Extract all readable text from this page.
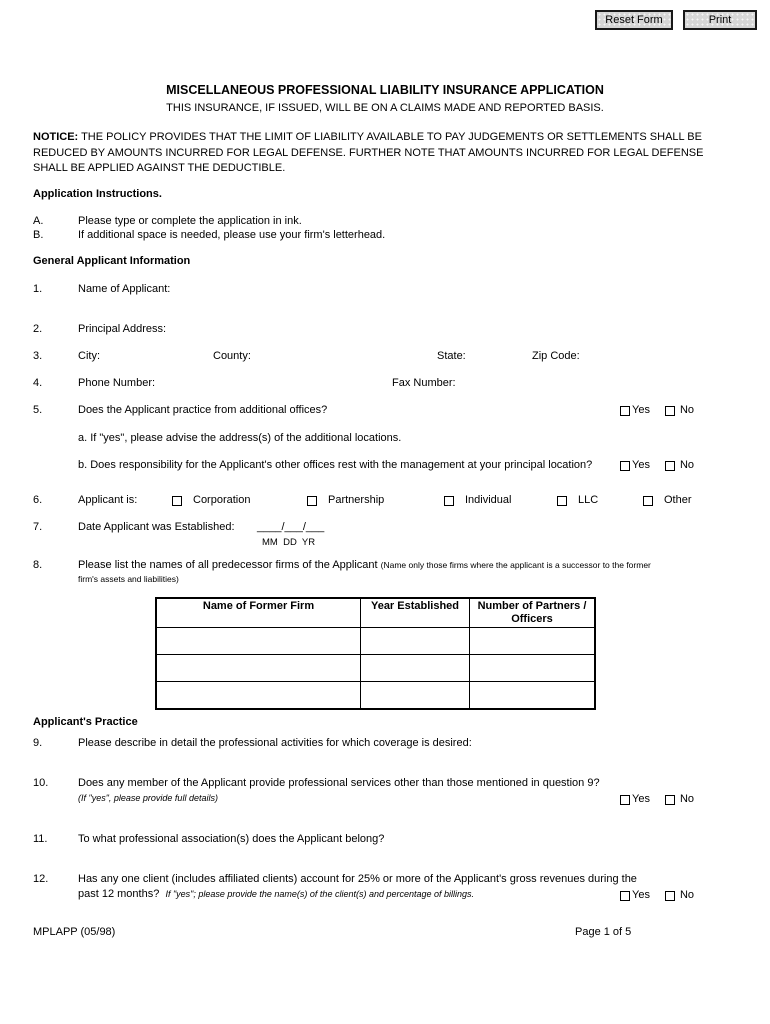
Reset Form	Print
MISCELLANEOUS PROFESSIONAL LIABILITY INSURANCE APPLICATION
THIS INSURANCE, IF ISSUED, WILL BE ON A CLAIMS MADE AND REPORTED BASIS.
NOTICE: THE POLICY PROVIDES THAT THE LIMIT OF LIABILITY AVAILABLE TO PAY JUDGEMENTS OR SETTLEMENTS SHALL BE REDUCED BY AMOUNTS INCURRED FOR LEGAL DEFENSE. FURTHER NOTE THAT AMOUNTS INCURRED FOR LEGAL DEFENSE SHALL BE APPLIED AGAINST THE DEDUCTIBLE.
Application Instructions.
A.	Please type or complete the application in ink.
B.	If additional space is needed, please use your firm's letterhead.
General Applicant Information
1.	Name of Applicant:
2.	Principal Address:
3.	City:	County:	State:	Zip Code:
4.	Phone Number:	Fax Number:
5.	Does the Applicant practice from additional offices?	Yes	No
a. If "yes", please advise the address(s) of the additional locations.
b. Does responsibility for the Applicant's other offices rest with the management at your principal location?	Yes	No
6.	Applicant is:	Corporation	Partnership	Individual	LLC	Other
7.	Date Applicant was Established: ____/___/___
MM  DD  YR
8.	Please list the names of all predecessor firms of the Applicant (Name only those firms where the applicant is a successor to the former
firm's assets and liabilities)
Name of Former Firm	Year Established	Number of Partners / Officers

Applicant's Practice
9.	Please describe in detail the professional activities for which coverage is desired:
10.	Does any member of the Applicant provide professional services other than those mentioned in question 9?
(If "yes", please provide full details)	Yes	No
11.	To what professional association(s) does the Applicant belong?
12.	Has any one client (includes affiliated clients) account for 25% or more of the Applicant's gross revenues during the
past 12 months? If "yes"; please provide the name(s) of the client(s) and percentage of billings.	Yes	No
MPLAPP (05/98)	Page 1 of 5
